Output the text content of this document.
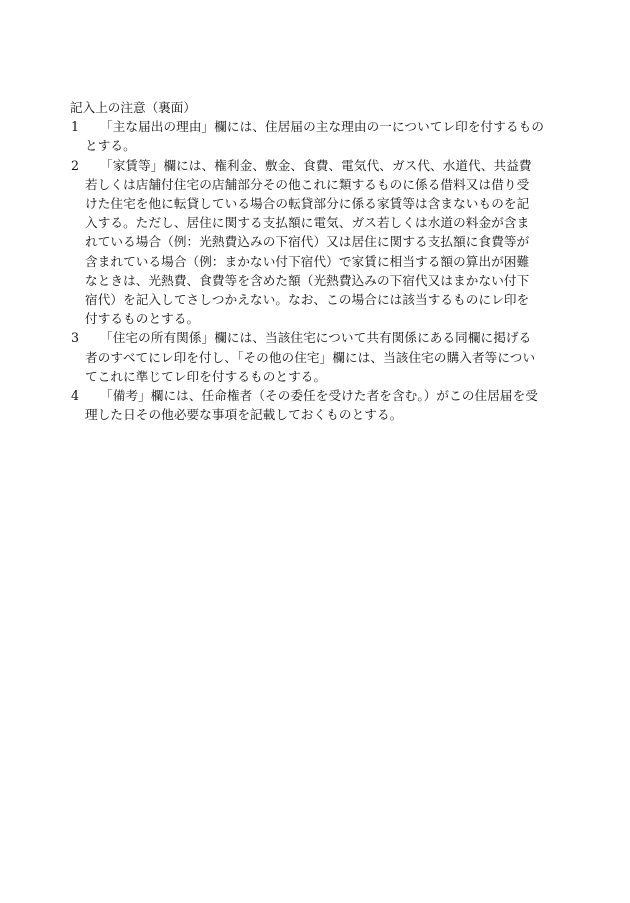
記入上の注意（裏面）
1	「主な届出の理由」欄には、住居届の主な理由の一についてレ印を付するもの
とする。
2	「家賃等」欄には、権利金、敷金、食費、電気代、ガス代、水道代、共益費
若しくは店舗付住宅の店舗部分その他これに類するものに係る借料又は借り受
けた住宅を他に転貸している場合の転貸部分に係る家賃等は含まないものを記
入する。ただし、居住に関する支払額に電気、ガス若しくは水道の料金が含ま
れている場合（例：光熱費込みの下宿代）又は居住に関する支払額に食費等が
含まれている場合（例：まかない付下宿代）で家賃に相当する額の算出が困難
なときは、光熱費、食費等を含めた額（光熱費込みの下宿代又はまかない付下
宿代）を記入してさしつかえない。なお、この場合には該当するものにレ印を
付するものとする。
3	「住宅の所有関係」欄には、当該住宅について共有関係にある同欄に掲げる
者のすべてにレ印を付し、「その他の住宅」欄には、当該住宅の購入者等につい
てこれに準じてレ印を付するものとする。
4	「備考」欄には、任命権者（その委任を受けた者を含む。）がこの住居届を受
理した日その他必要な事項を記載しておくものとする。
